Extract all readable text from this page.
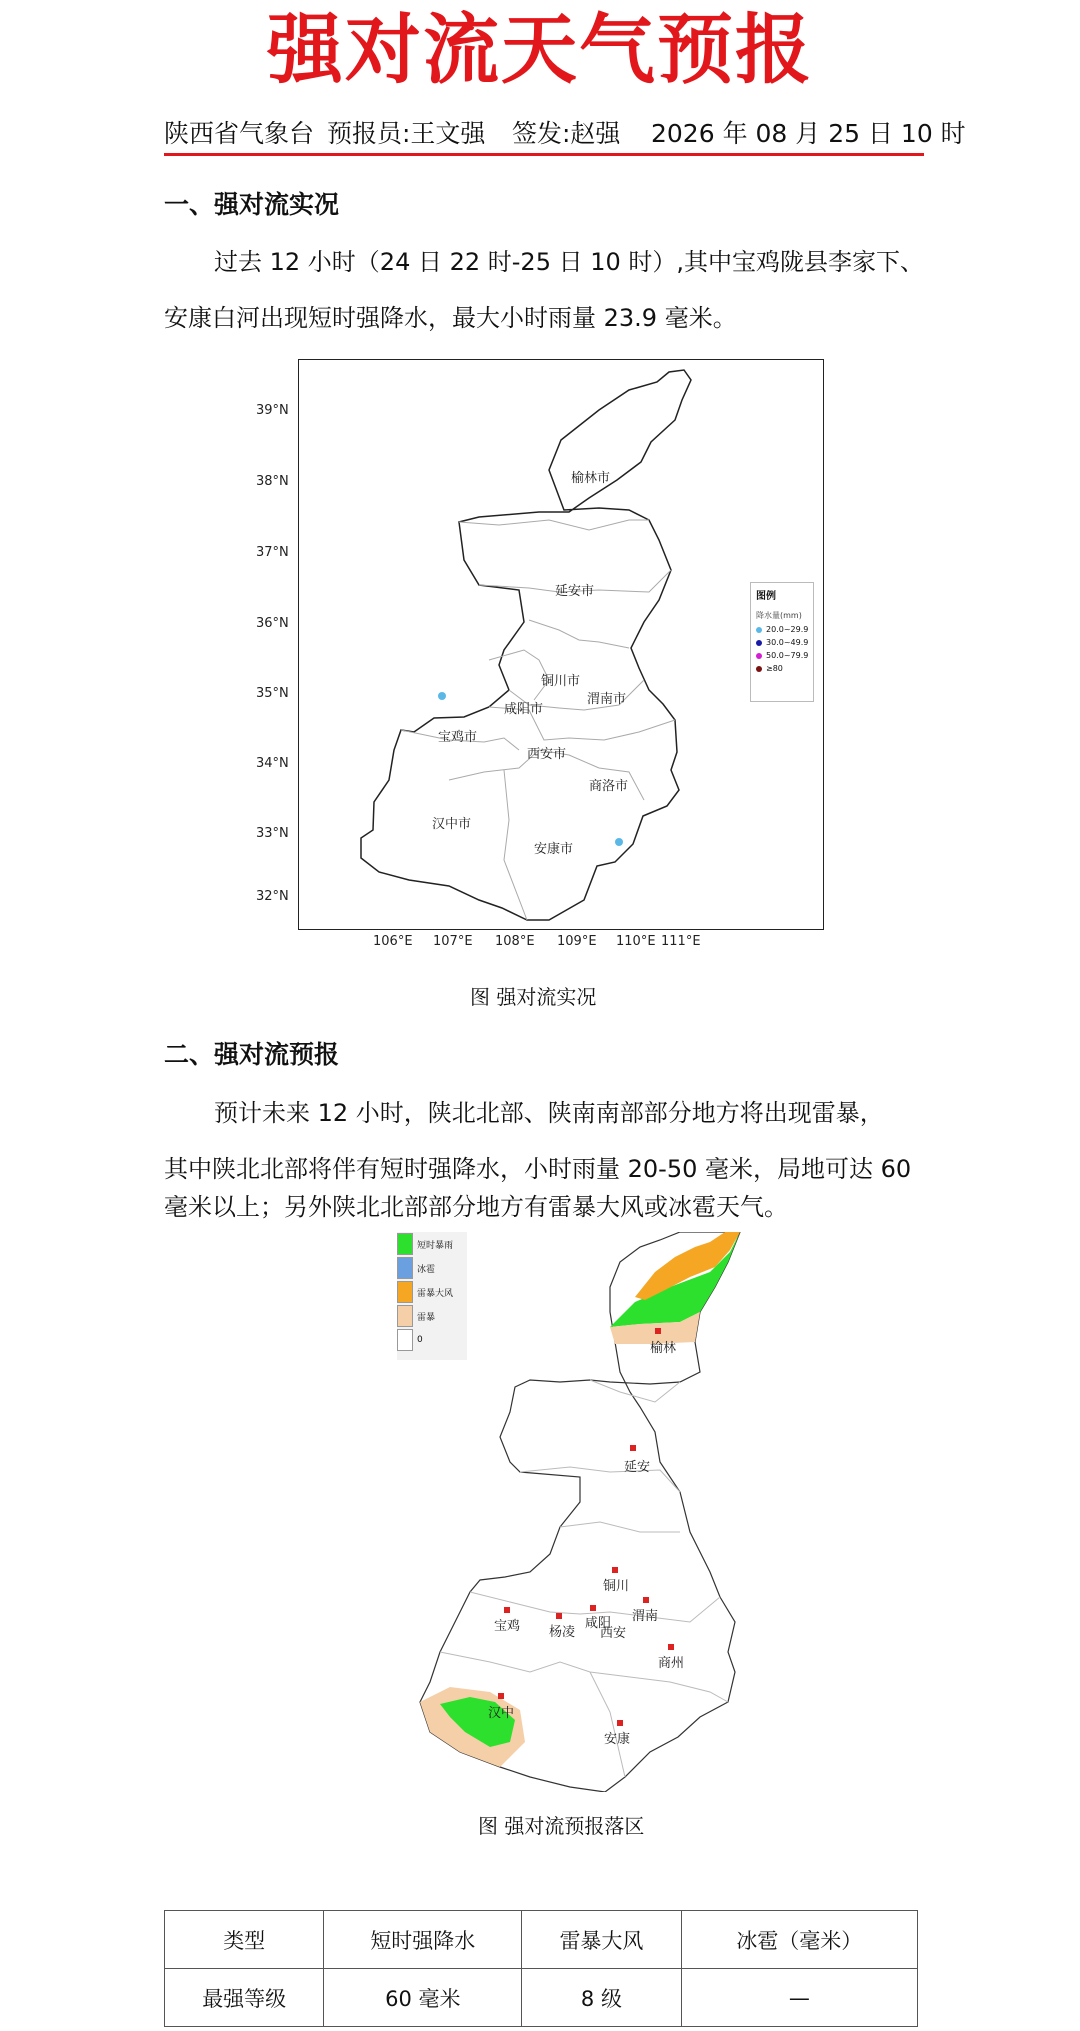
强对流天气预报
陕西省气象台 预报员:王文强 签发:赵强 2026 年 08 月 25 日 10 时
一、强对流实况
过去 12 小时（24 日 22 时-25 日 10 时）,其中宝鸡陇县李家下、
安康白河出现短时强降水，最大小时雨量 23.9 毫米。
榆林市
延安市
铜川市
渭南市
咸阳市
宝鸡市
西安市
商洛市
汉中市
安康市
39°N
38°N
37°N
36°N
35°N
34°N
33°N
32°N
106°E 107°E 108°E 109°E 110°E 111°E
图例
降水量(mm)
20.0~29.9
30.0~49.9
50.0~79.9
≥80
图 强对流实况
二、强对流预报
预计未来 12 小时，陕北北部、陕南南部部分地方将出现雷暴，
其中陕北北部将伴有短时强降水，小时雨量 20-50 毫米，局地可达 60
毫米以上；另外陕北北部部分地方有雷暴大风或冰雹天气。
短时暴雨
冰雹
雷暴大风
雷暴
0
榆林
延安
铜川
宝鸡 杨凌
咸阳
西安
渭南
商州
汉中
安康
图 强对流预报落区
类型	短时强降水	雷暴大风	冰雹（毫米）
最强等级	60 毫米	8 级	—
